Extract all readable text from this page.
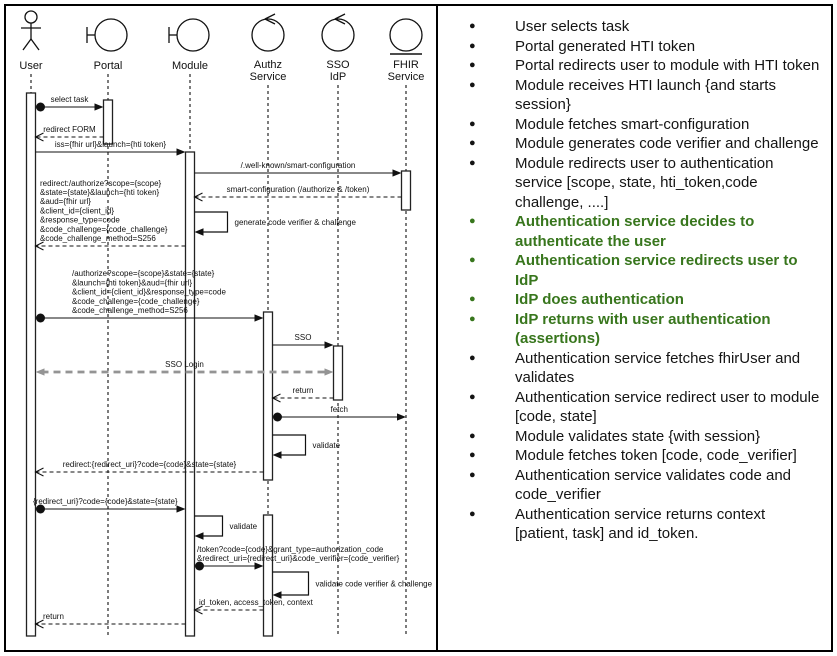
User	Portal	Module	Authz
Service
SSO
IdP
FHIR
Service
select task
redirect FORM
iss={fhir url}&launch={hti token}
/.well-known/smart-configuration
smart-configuration (/authorize & /token)
redirect:/authorize?scope={scope}
&state={state}&launch={hti token}
&aud={fhir url}
&client_id={client_id}
&response_type=code
&code_challenge={code_challenge}
&code_challenge_method=S256
/authorize?scope={scope}&state={state}
&launch={hti token}&aud={fhir url}
&client_id={client_id}&response_type=code
&code_challenge={code_challenge}
&code_challenge_method=S256
SSO
SSO Login
return
fetch
redirect:{redirect_uri}?code={code}&state={state}
{redirect_uri}?code={code}&state={state}
/token?code={code}&grant_type=authorization_code
&redirect_uri={redirect_uri}&code_verifier={code_verifier}
id_token, access_token, context
return
generate code verifier & challenge
validate
validate
validate code verifier & challenge
● User selects task
● Portal generated HTI token
● Portal redirects user to module with HTI token
● Module receives HTI launch {and starts session}
● Module fetches smart-configuration
● Module generates code verifier and challenge
● Module redirects user to authentication service [scope, state, hti_token,code challenge, ....]
● Authentication service decides to authenticate the user
● Authentication service redirects user to IdP
● IdP does authentication
● IdP returns with user authentication (assertions)
● Authentication service fetches fhirUser and validates
● Authentication service redirect user to module [code, state]
● Module validates state {with session}
● Module fetches token [code, code_verifier]
● Authentication service validates code and code_verifier
● Authentication service returns context [patient, task] and id_token.
